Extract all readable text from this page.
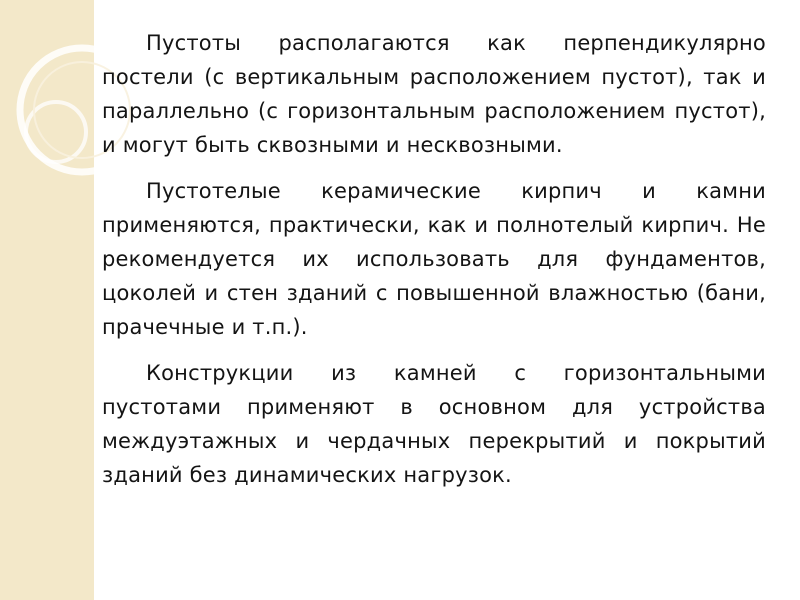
Пустоты располагаются как перпендикулярно постели (с вертикальным расположением пустот), так и параллельно (с горизонтальным расположением пустот), и могут быть сквозными и несквозными.

Пустотелые керамические кирпич и камни применяются, практически, как и полнотелый кирпич. Не рекомендуется их использовать для фундаментов, цоколей и стен зданий с повышенной влажностью (бани, прачечные и т.п.).

Конструкции из камней с горизонтальными пустотами применяют в основном для устройства междуэтажных и чердачных перекрытий и покрытий зданий без динамических нагрузок.
